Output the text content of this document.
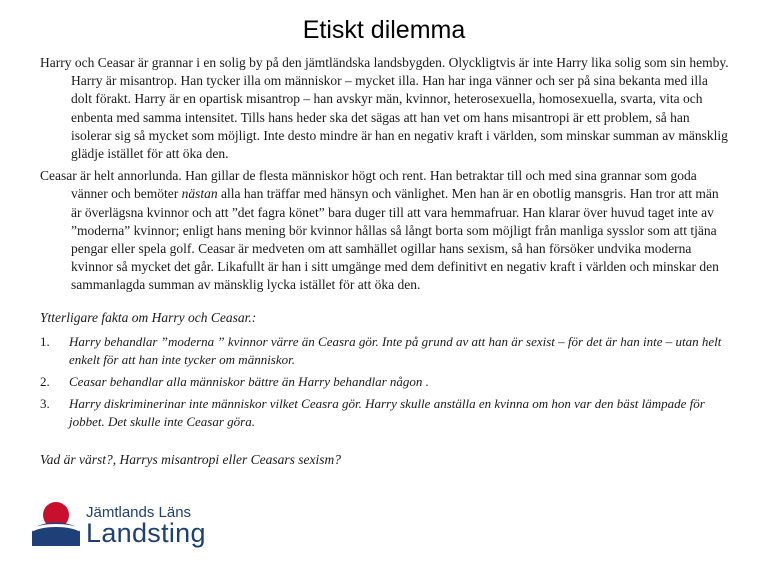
Etiskt dilemma

Harry och Ceasar är grannar i en solig by på den jämtländska landsbygden. Olyckligtvis är inte Harry lika solig som sin hemby. Harry är misantrop. Han tycker illa om människor – mycket illa. Han har inga vänner och ser på sina bekanta med illa dolt förakt. Harry är en opartisk misantrop – han avskyr män, kvinnor, heterosexuella, homosexuella, svarta, vita och enbenta med samma intensitet. Tills hans heder ska det sägas att han vet om hans misantropi är ett problem, så han isolerar sig så mycket som möjligt. Inte desto mindre är han en negativ kraft i världen, som minskar summan av mänsklig glädje istället för att öka den.

Ceasar är helt annorlunda. Han gillar de flesta människor högt och rent. Han betraktar till och med sina grannar som goda vänner och bemöter nästan alla han träffar med hänsyn och vänlighet. Men han är en obotlig mansgris. Han tror att män är överlägsna kvinnor och att ”det fagra könet” bara duger till att vara hemmafruar. Han klarar över huvud taget inte av ”moderna” kvinnor; enligt hans mening bör kvinnor hållas så långt borta som möjligt från manliga sysslor som att tjäna pengar eller spela golf. Ceasar är medveten om att samhället ogillar hans sexism, så han försöker undvika moderna kvinnor så mycket det går. Likafullt är han i sitt umgänge med dem definitivt en negativ kraft i världen och minskar den sammanlagda summan av mänsklig lycka istället för att öka den.

Ytterligare fakta om Harry och Ceasar.:

1.	Harry behandlar ”moderna ” kvinnor värre än Ceasra gör. Inte på grund av att han är sexist – för det är han inte – utan helt enkelt för att han inte tycker om människor.
2.	Ceasar behandlar alla människor bättre än Harry behandlar någon .
3.	Harry diskriminerinar inte människor vilket Ceasra gör. Harry skulle anställa en kvinna om hon var den bäst lämpade för jobbet. Det skulle inte Ceasar göra.

Vad är värst?, Harrys misantropi eller Ceasars sexism?

Jämtlands Läns
Landsting
